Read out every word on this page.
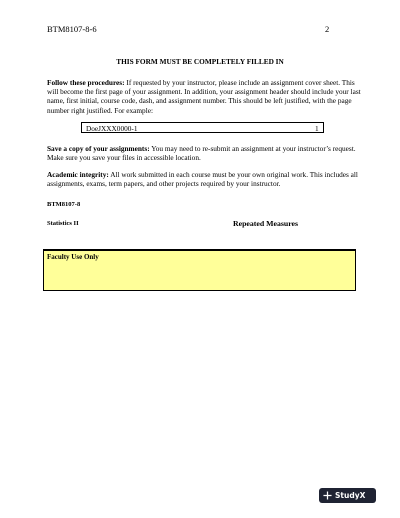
BTM8107-8-6	2
THIS FORM MUST BE COMPLETELY FILLED IN
Follow these procedures: If requested by your instructor, please include an assignment cover sheet. This will become the first page of your assignment. In addition, your assignment header should include your last name, first initial, course code, dash, and assignment number. This should be left justified, with the page number right justified. For example:
DoeJXXX0000-1	1
Save a copy of your assignments: You may need to re-submit an assignment at your instructor’s request. Make sure you save your files in accessible location.
Academic integrity: All work submitted in each course must be your own original work. This includes all assignments, exams, term papers, and other projects required by your instructor.
BTM8107-8
Statistics II	Repeated Measures
Faculty Use Only
StudyX
